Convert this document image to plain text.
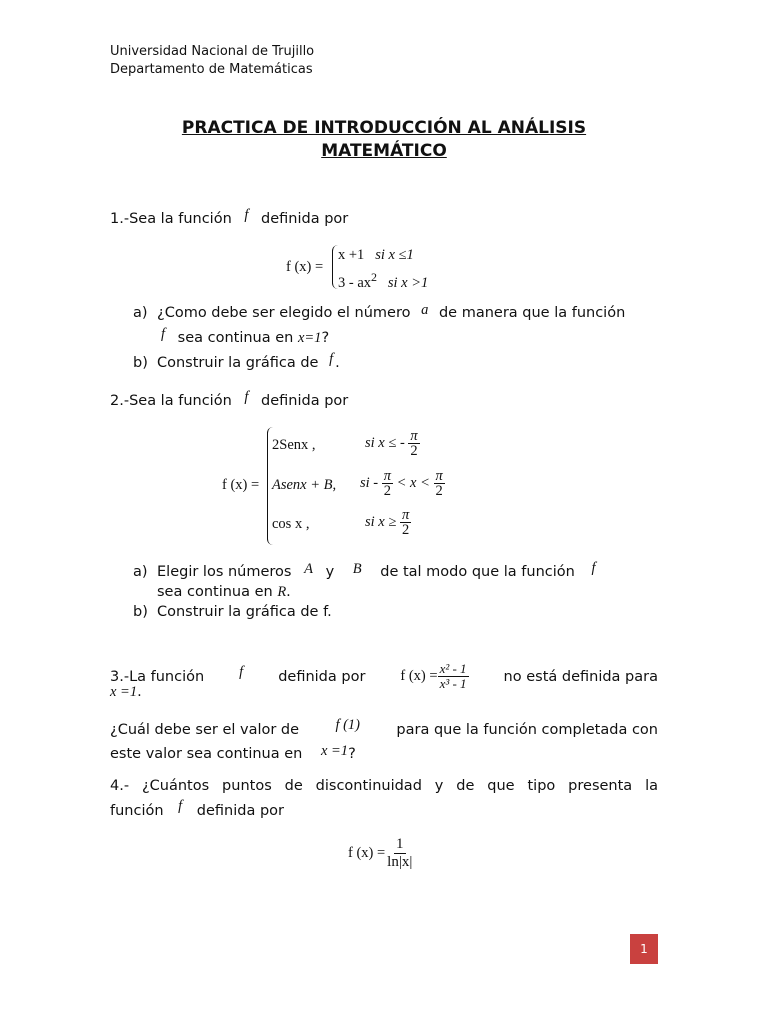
Universidad Nacional de Trujillo
Departamento de Matemáticas
PRACTICA DE INTRODUCCIÓN AL ANÁLISIS
MATEMÁTICO
1.-Sea la función f definida por
f (x) =
x +1 si x ≤1
$3 - ax^2$ si x >1
a) ¿Como debe ser elegido el número a de manera que la función
f sea continua en x=1?
b) Construir la gráfica de f .
2.-Sea la función f definida por
f (x) =
2Senx ,	si x ≤ - $\frac{\pi}{2}$
Asenx + B, si - $\frac{\pi}{2} < x < \frac{\pi}{2}$
cos x ,	si $x \ge \frac{\pi}{2}$
a) Elegir los números A y B de tal modo que la función f
sea continua en R.
b) Construir la gráfica de f.
3.-La función f definida por f $(x) = \frac{\text{x² - 1}}{\text{x³ - 1}}$ no está definida para
x =1.
¿Cuál debe ser el valor de	f (1)	para que la función completada con
este valor sea continua en x =1?
4.- ¿Cuántos puntos de discontinuidad y de que tipo presenta la
función f definida por
f $(x) = \frac{1}{\ln|x|}$
1
